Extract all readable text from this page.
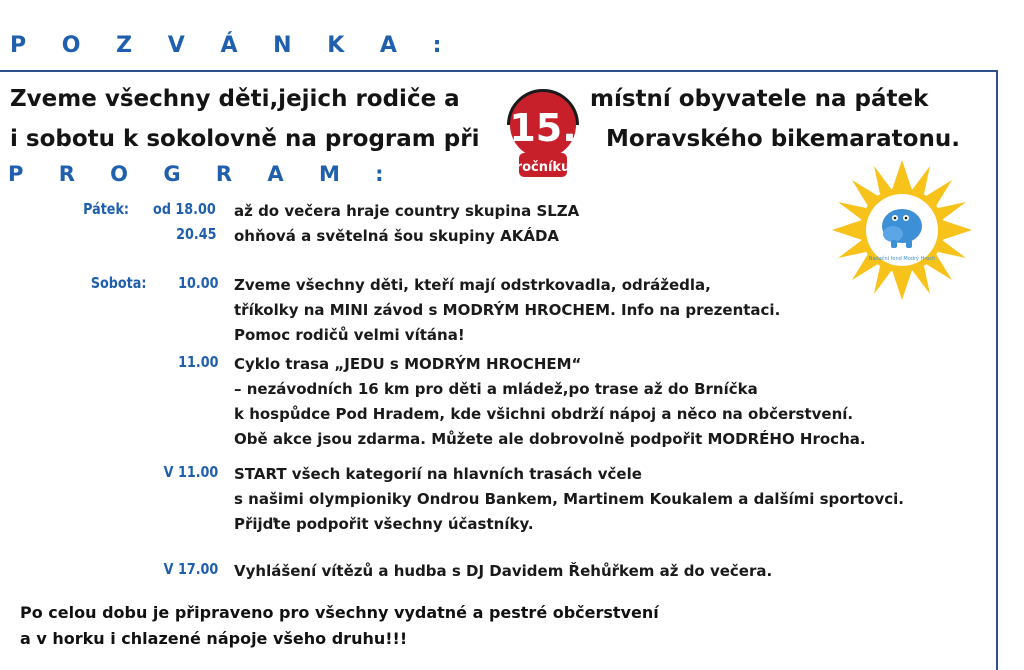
P O Z V Á N K A :
Zveme všechny děti,jejich rodiče a	místní obyvatele na pátek
i sobotu k sokolovně na program při	Moravského bikemaratonu.
15.
ročníku
Nadační fond Modrý Hroch
P R O G R A M :
Pátek: od 18.00 až do večera hraje country skupina SLZA
20.45 ohňová a světelná šou skupiny AKÁDA
Sobota: 10.00 Zveme všechny děti, kteří mají odstrkovadla, odrážedla,
tříkolky na MINI závod s MODRÝM HROCHEM. Info na prezentaci.
Pomoc rodičů velmi vítána!
11.00 Cyklo trasa „JEDU s MODRÝM HROCHEM“
– nezávodních 16 km pro děti a mládež,po trase až do Brníčka
k hospůdce Pod Hradem, kde všichni obdrží nápoj a něco na občerstvení.
Obě akce jsou zdarma. Můžete ale dobrovolně podpořit MODRÉHO Hrocha.
V 11.00 START všech kategorií na hlavních trasách včele
s našimi olympioniky Ondrou Bankem, Martinem Koukalem a dalšími sportovci.
Přijďte podpořit všechny účastníky.
V 17.00 Vyhlášení vítězů a hudba s DJ Davidem Řehůřkem až do večera.
Po celou dobu je připraveno pro všechny vydatné a pestré občerstvení
a v horku i chlazené nápoje všeho druhu!!!
